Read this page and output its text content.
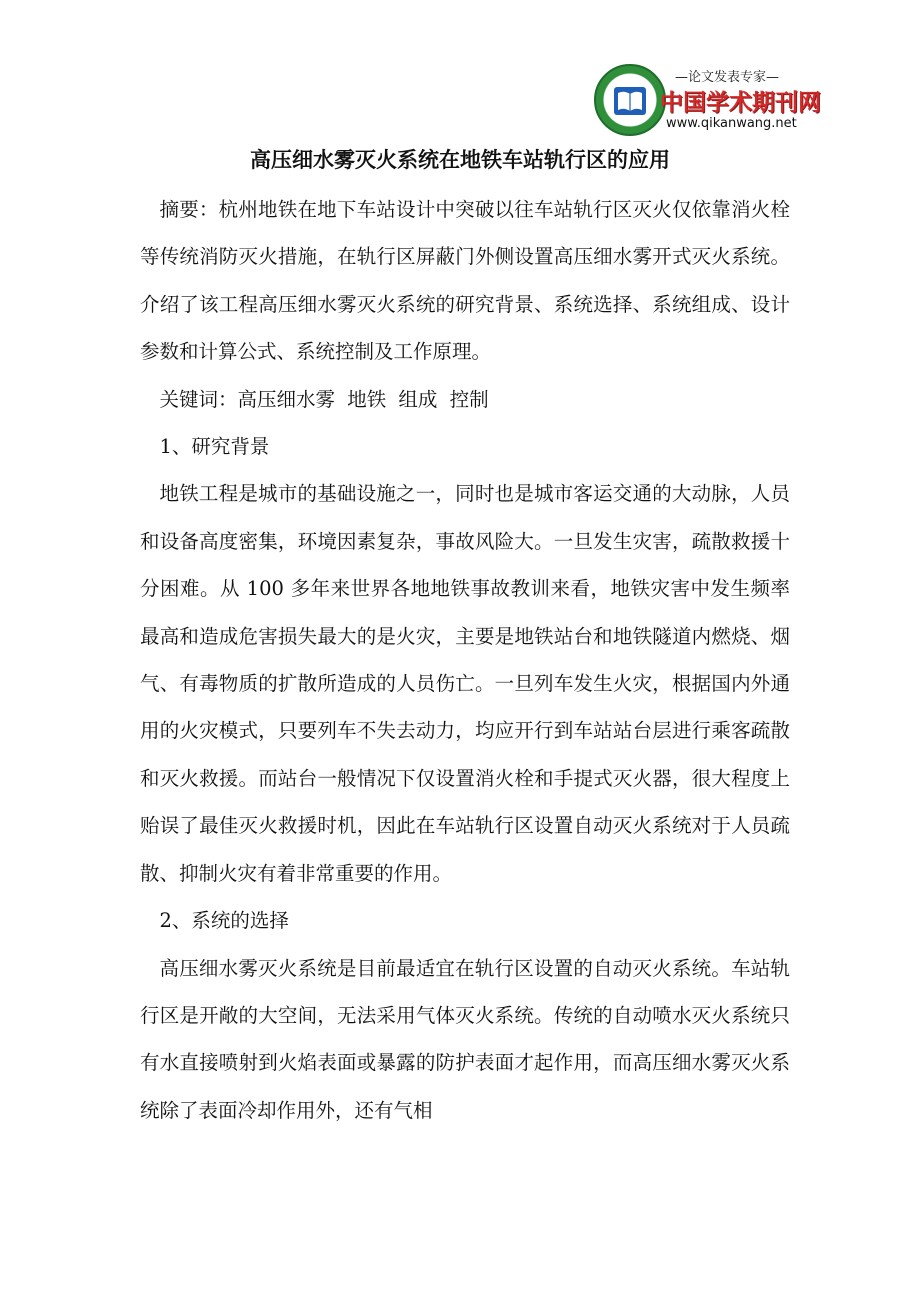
—论文发表专家—
中国学术期刊网
www.qikanwang.net
高压细水雾灭火系统在地铁车站轨行区的应用

摘要：杭州地铁在地下车站设计中突破以往车站轨行区灭火仅依靠消火栓等传统消防灭火措施，在轨行区屏蔽门外侧设置高压细水雾开式灭火系统。介绍了该工程高压细水雾灭火系统的研究背景、系统选择、系统组成、设计参数和计算公式、系统控制及工作原理。

关键词：高压细水雾 地铁 组成 控制

1、研究背景

地铁工程是城市的基础设施之一，同时也是城市客运交通的大动脉，人员和设备高度密集，环境因素复杂，事故风险大。一旦发生灾害，疏散救援十分困难。从 100 多年来世界各地地铁事故教训来看，地铁灾害中发生频率最高和造成危害损失最大的是火灾，主要是地铁站台和地铁隧道内燃烧、烟气、有毒物质的扩散所造成的人员伤亡。一旦列车发生火灾，根据国内外通用的火灾模式，只要列车不失去动力，均应开行到车站站台层进行乘客疏散和灭火救援。而站台一般情况下仅设置消火栓和手提式灭火器，很大程度上贻误了最佳灭火救援时机，因此在车站轨行区设置自动灭火系统对于人员疏散、抑制火灾有着非常重要的作用。

2、系统的选择

高压细水雾灭火系统是目前最适宜在轨行区设置的自动灭火系统。车站轨行区是开敞的大空间，无法采用气体灭火系统。传统的自动喷水灭火系统只有水直接喷射到火焰表面或暴露的防护表面才起作用，而高压细水雾灭火系统除了表面冷却作用外，还有气相
